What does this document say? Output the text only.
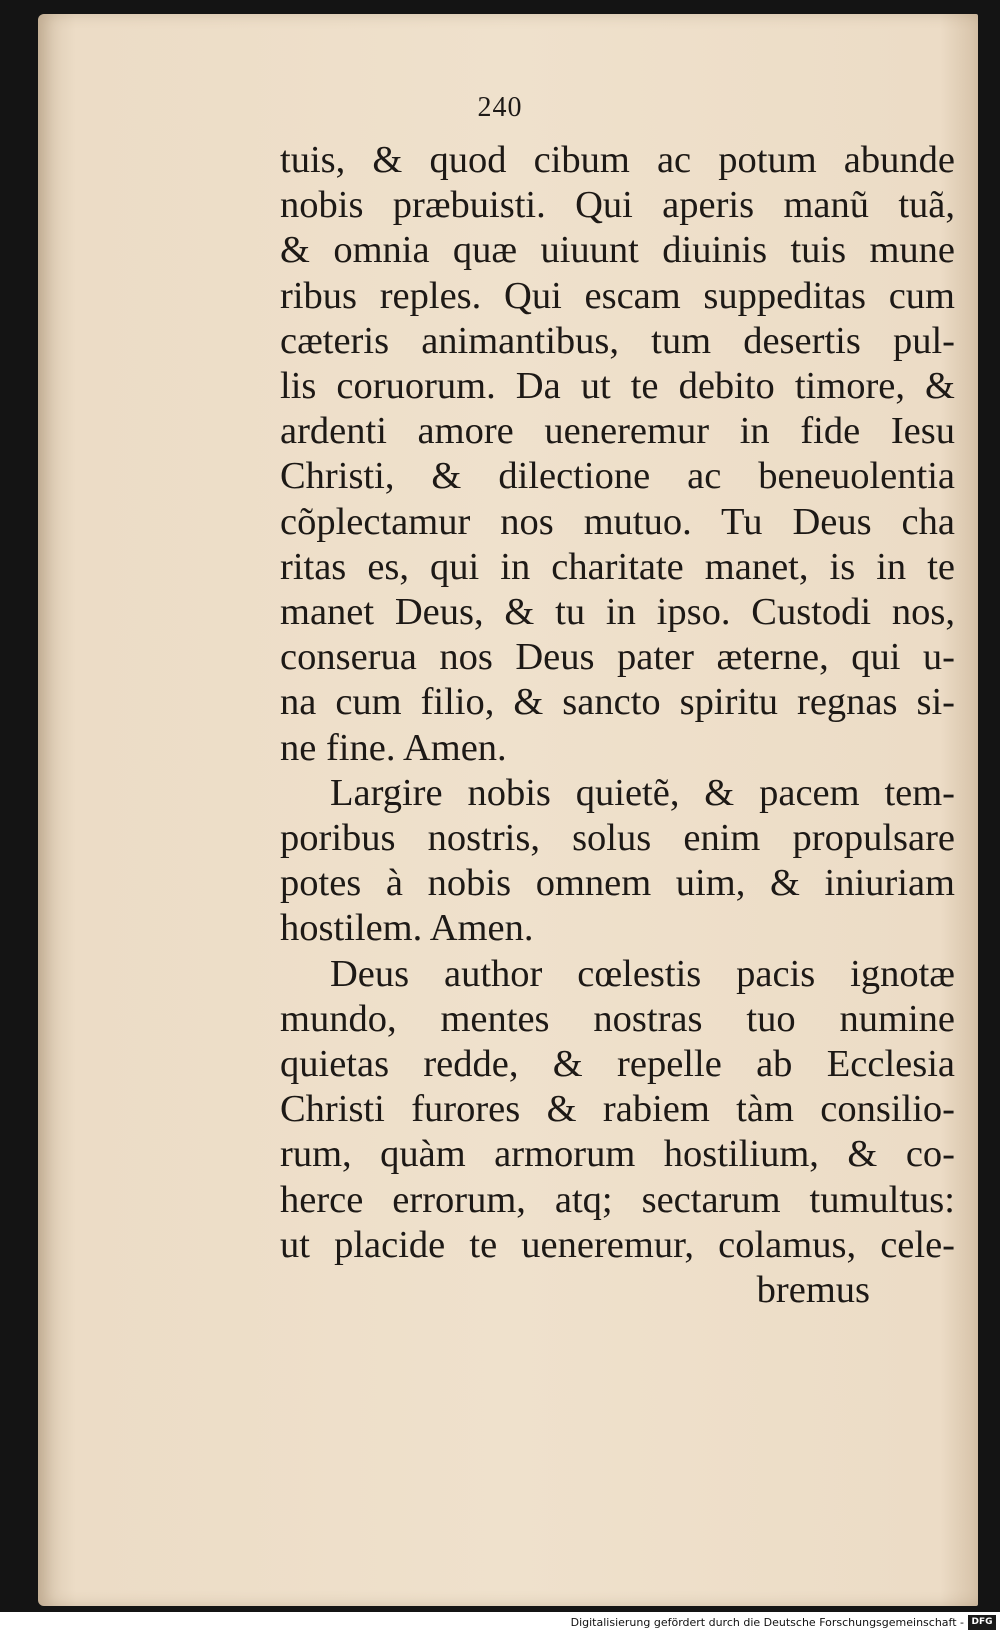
240
tuis, & quod cibum ac potum abunde
nobis præbuisti. Qui aperis manũ tuã,
& omnia quæ uiuunt diuinis tuis mune
ribus reples. Qui escam suppeditas cum
cæteris animantibus, tum desertis pul-
lis coruorum. Da ut te debito timore, &
ardenti amore ueneremur in fide Iesu
Christi, & dilectione ac beneuolentia
cõplectamur nos mutuo. Tu Deus cha
ritas es, qui in charitate manet, is in te
manet Deus, & tu in ipso. Custodi nos,
conserua nos Deus pater æterne, qui u-
na cum filio, & sancto spiritu regnas si-
ne fine. Amen.
Largire nobis quietẽ, & pacem tem-
poribus nostris, solus enim propulsare
potes à nobis omnem uim, & iniuriam
hostilem. Amen.
Deus author cœlestis pacis ignotæ
mundo, mentes nostras tuo numine
quietas redde, & repelle ab Ecclesia
Christi furores & rabiem tàm consilio-
rum, quàm armorum hostilium, & co-
herce errorum, atq; sectarum tumultus:
ut placide te ueneremur, colamus, cele-
bremus
Digitalisierung gefördert durch die Deutsche Forschungsgemeinschaft - DFG
